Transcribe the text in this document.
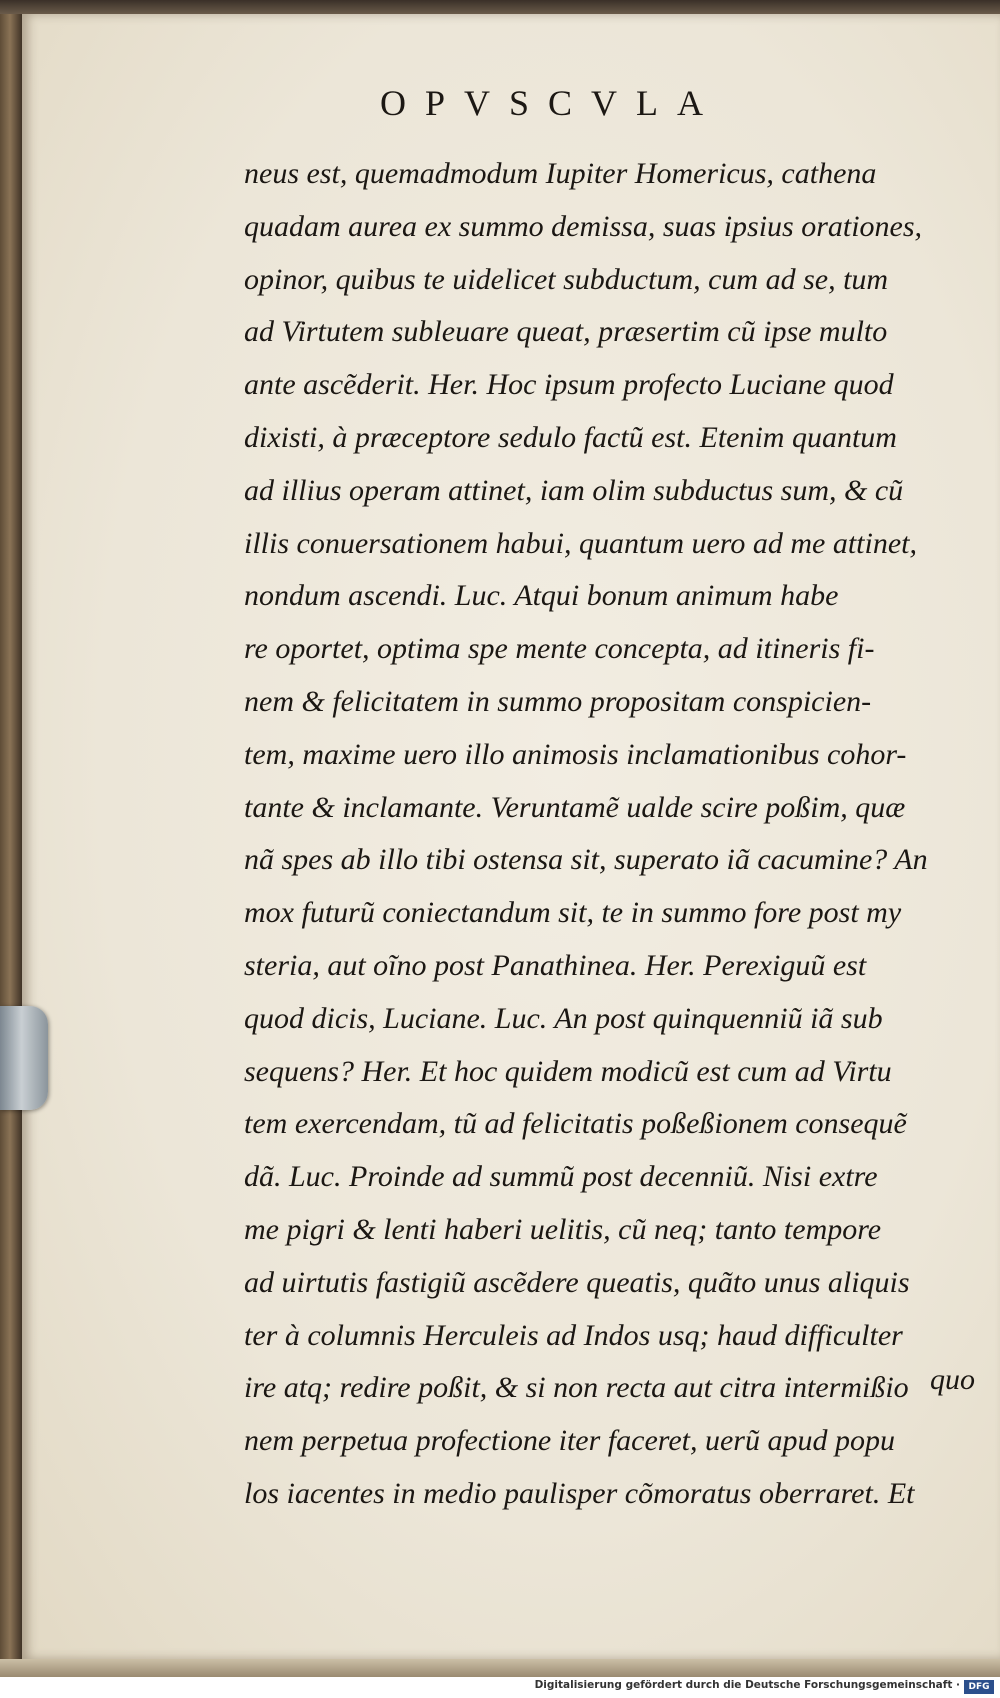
OPVSCVLA
neus est, quemadmodum Iupiter Homericus, cathena
quadam aurea ex summo demissa, suas ipsius orationes,
opinor, quibus te uidelicet subductum, cum ad se, tum
ad Virtutem subleuare queat, præsertim cũ ipse multo
ante ascẽderit. Her. Hoc ipsum profecto Luciane quod
dixisti, à præceptore sedulo factũ est. Etenim quantum
ad illius operam attinet, iam olim subductus sum, & cũ
illis conuersationem habui, quantum uero ad me attinet,
nondum ascendi. Luc. Atqui bonum animum habe
re oportet, optima spe mente concepta, ad itineris fi-
nem & felicitatem in summo propositam conspicien-
tem, maxime uero illo animosis inclamationibus cohor-
tante & inclamante. Veruntamẽ ualde scire poßim, quæ
nã spes ab illo tibi ostensa sit, superato iã cacumine? An
mox futurũ coniectandum sit, te in summo fore post my
steria, aut oĩno post Panathinea. Her. Perexiguũ est
quod dicis, Luciane. Luc. An post quinquenniũ iã sub
sequens? Her. Et hoc quidem modicũ est cum ad Virtu
tem exercendam, tũ ad felicitatis poßeßionem consequẽ
dã. Luc. Proinde ad summũ post decenniũ. Nisi extre
me pigri & lenti haberi uelitis, cũ neq; tanto tempore
ad uirtutis fastigiũ ascẽdere queatis, quãto unus aliquis
ter à columnis Herculeis ad Indos usq; haud difficulter
ire atq; redire poßit, & si non recta aut citra intermißio
nem perpetua profectione iter faceret, uerũ apud popu
los iacentes in medio paulisper cõmoratus oberraret. Et
quo
Digitalisierung gefördert durch die Deutsche Forschungsgemeinschaft · DFG
